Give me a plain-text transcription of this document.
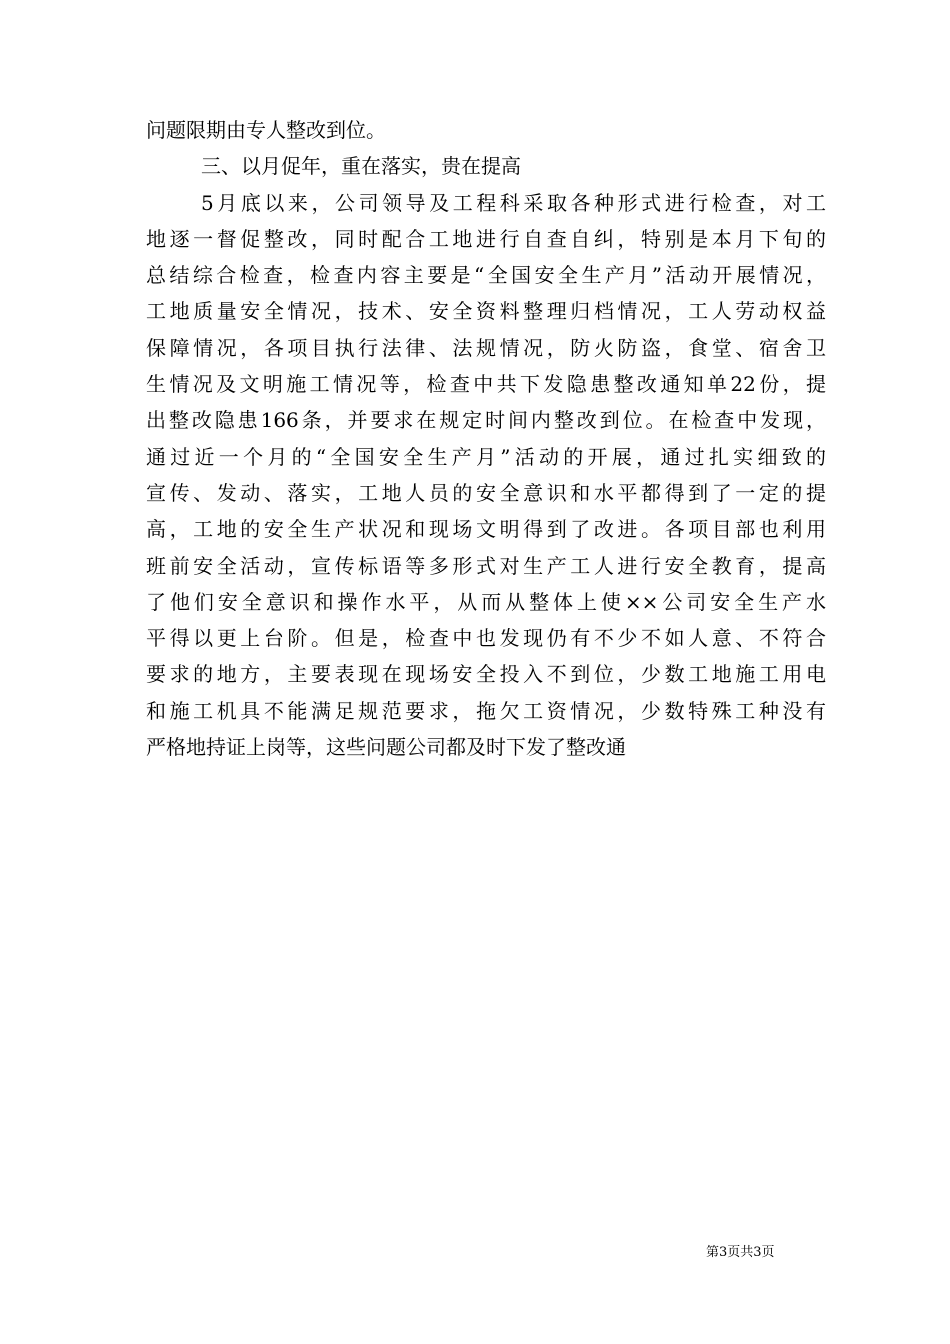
问题限期由专人整改到位。
三、以月促年，重在落实，贵在提高
5月底以来，公司领导及工程科采取各种形式进行检查，对工
地逐一督促整改，同时配合工地进行自查自纠，特别是本月下旬的
总结综合检查，检查内容主要是“全国安全生产月”活动开展情况，
工地质量安全情况，技术、安全资料整理归档情况，工人劳动权益
保障情况，各项目执行法律、法规情况，防火防盗，食堂、宿舍卫
生情况及文明施工情况等，检查中共下发隐患整改通知单22份，提
出整改隐患166条，并要求在规定时间内整改到位。在检查中发现，
通过近一个月的“全国安全生产月”活动的开展，通过扎实细致的
宣传、发动、落实，工地人员的安全意识和水平都得到了一定的提
高，工地的安全生产状况和现场文明得到了改进。各项目部也利用
班前安全活动，宣传标语等多形式对生产工人进行安全教育，提高
了他们安全意识和操作水平，从而从整体上使××公司安全生产水
平得以更上台阶。但是，检查中也发现仍有不少不如人意、不符合
要求的地方，主要表现在现场安全投入不到位，少数工地施工用电
和施工机具不能满足规范要求，拖欠工资情况，少数特殊工种没有
严格地持证上岗等，这些问题公司都及时下发了整改通
第3页共3页
